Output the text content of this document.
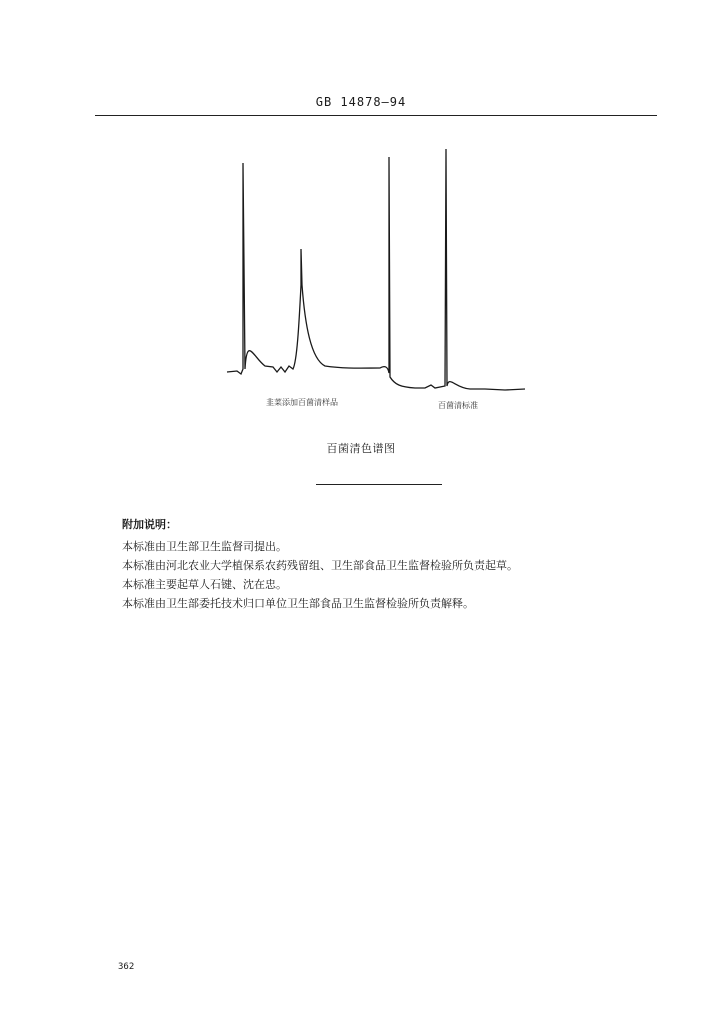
GB 14878—94
韭菜添加百菌清样品	百菌清标准
百菌清色谱图
附加说明：
本标准由卫生部卫生监督司提出。
本标准由河北农业大学植保系农药残留组、卫生部食品卫生监督检验所负责起草。
本标准主要起草人石键、沈在忠。
本标准由卫生部委托技术归口单位卫生部食品卫生监督检验所负责解释。
362
